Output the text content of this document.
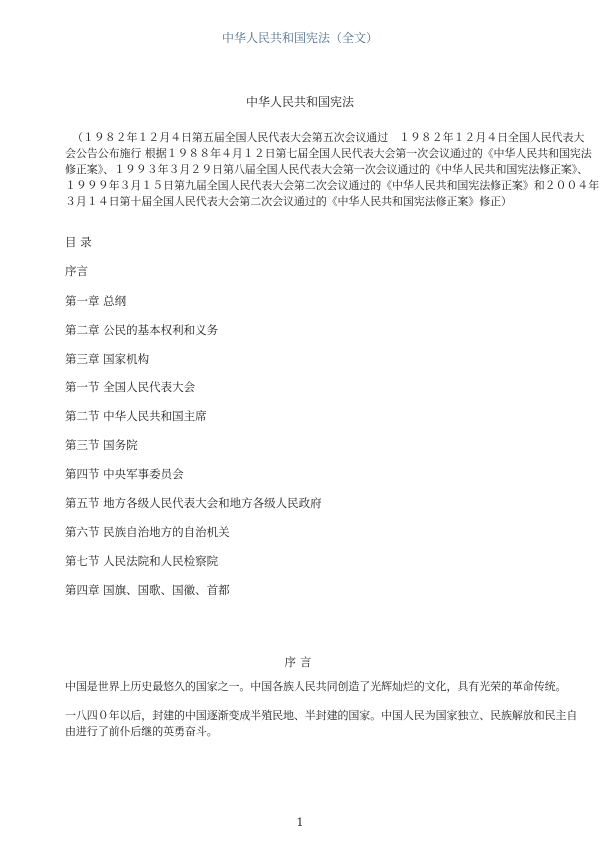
中华人民共和国宪法（全文）
中华人民共和国宪法
（１９８２年１２月４日第五届全国人民代表大会第五次会议通过　１９８２年１２月４日全国人民代表大
会公告公布施行 根据１９８８年４月１２日第七届全国人民代表大会第一次会议通过的《中华人民共和国宪法
修正案》、１９９３年３月２９日第八届全国人民代表大会第一次会议通过的《中华人民共和国宪法修正案》、
１９９９年３月１５日第九届全国人民代表大会第二次会议通过的《中华人民共和国宪法修正案》和２００４年
３月１４日第十届全国人民代表大会第二次会议通过的《中华人民共和国宪法修正案》修正）
目 录
序言
第一章 总纲
第二章 公民的基本权利和义务
第三章 国家机构
第一节 全国人民代表大会
第二节 中华人民共和国主席
第三节 国务院
第四节 中央军事委员会
第五节 地方各级人民代表大会和地方各级人民政府
第六节 民族自治地方的自治机关
第七节 人民法院和人民检察院
第四章 国旗、国歌、国徽、首都
序言
中国是世界上历史最悠久的国家之一。中国各族人民共同创造了光辉灿烂的文化，具有光荣的革命传统。
一八四０年以后，封建的中国逐渐变成半殖民地、半封建的国家。中国人民为国家独立、民族解放和民主自
由进行了前仆后继的英勇奋斗。
1
